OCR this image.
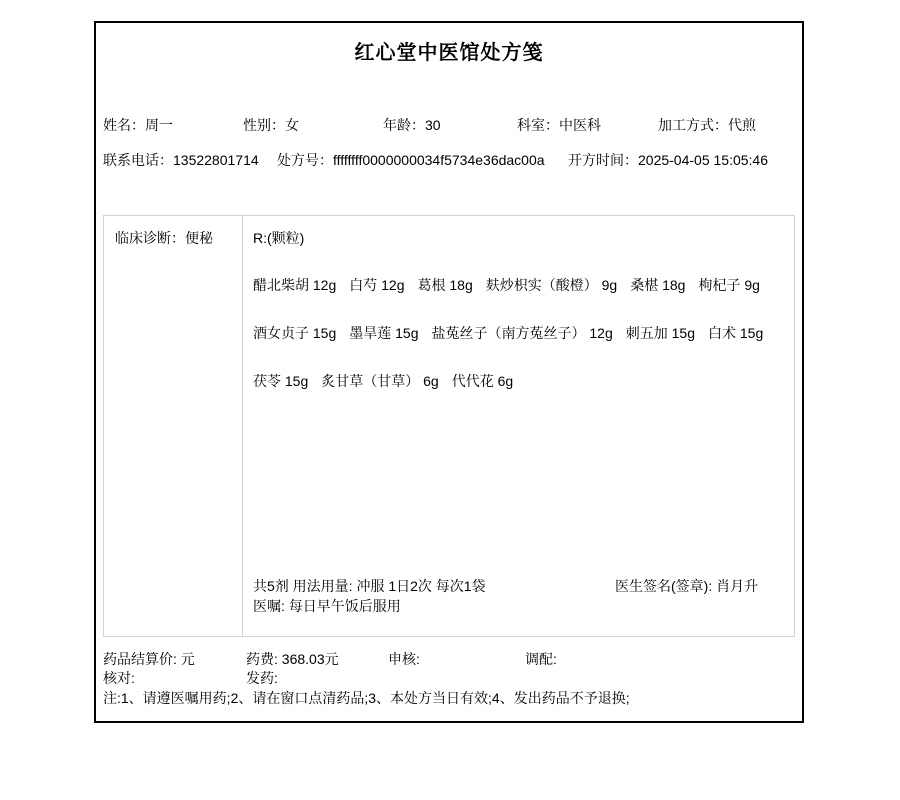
红心堂中医馆处方笺
姓名：周一	性别：女	年龄：30	科室：中医科	加工方式：代煎
联系电话：13522801714 处方号：ffffffff0000000034f5734e36dac00a 开方时间：2025-04-05 15:05:46
临床诊断：便秘	R:(颗粒)
醋北柴胡 12g 白芍 12g 葛根 18g 麸炒枳实（酸橙） 9g 桑椹 18g 枸杞子 9g
酒女贞子 15g 墨旱莲 15g 盐菟丝子（南方菟丝子） 12g 刺五加 15g 白术 15g
茯苓 15g 炙甘草（甘草） 6g 代代花 6g
共5剂 用法用量: 冲服 1日2次 每次1袋
医嘱: 每日早午饭后服用
医生签名(签章): 肖月升
药品结算价: 元	药费: 368.03元	申核:	调配:
核对:	发药:
注:1、请遵医嘱用药;2、请在窗口点清药品;3、本处方当日有效;4、发出药品不予退换;
